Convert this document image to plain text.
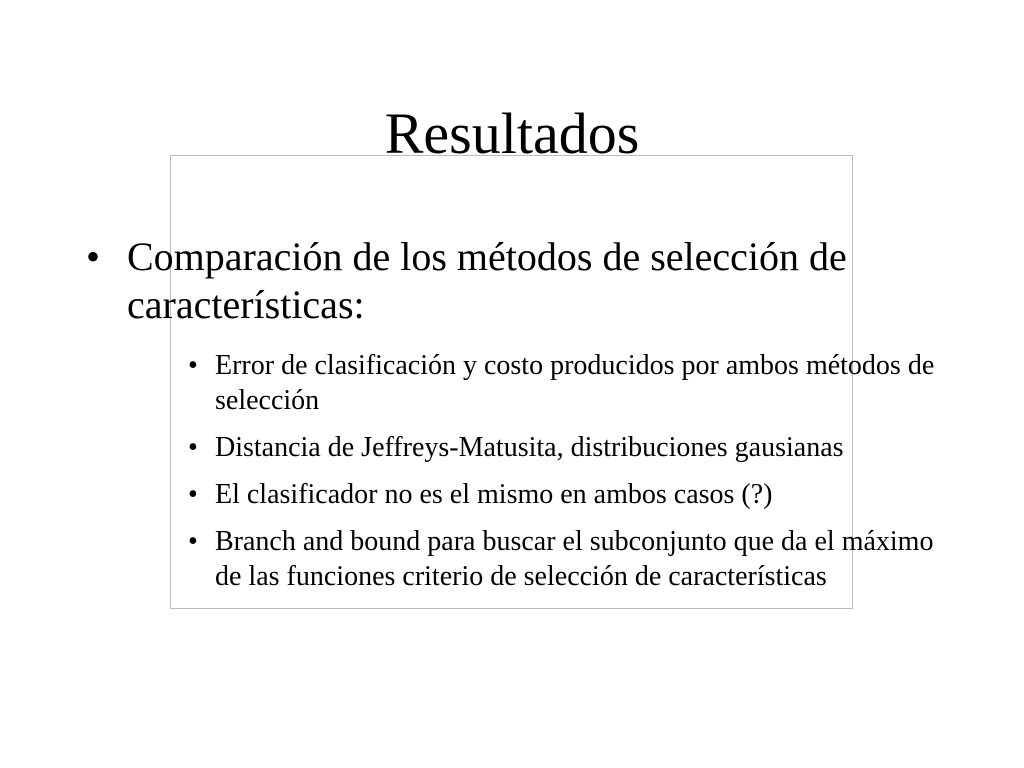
Resultados
• Comparación de los métodos de selección de características:
• Error de clasificación y costo producidos por ambos métodos de selección
• Distancia de Jeffreys-Matusita, distribuciones gausianas
• El clasificador no es el mismo en ambos casos (?)
• Branch and bound para buscar el subconjunto que da el máximo de las funciones criterio de selección de características
